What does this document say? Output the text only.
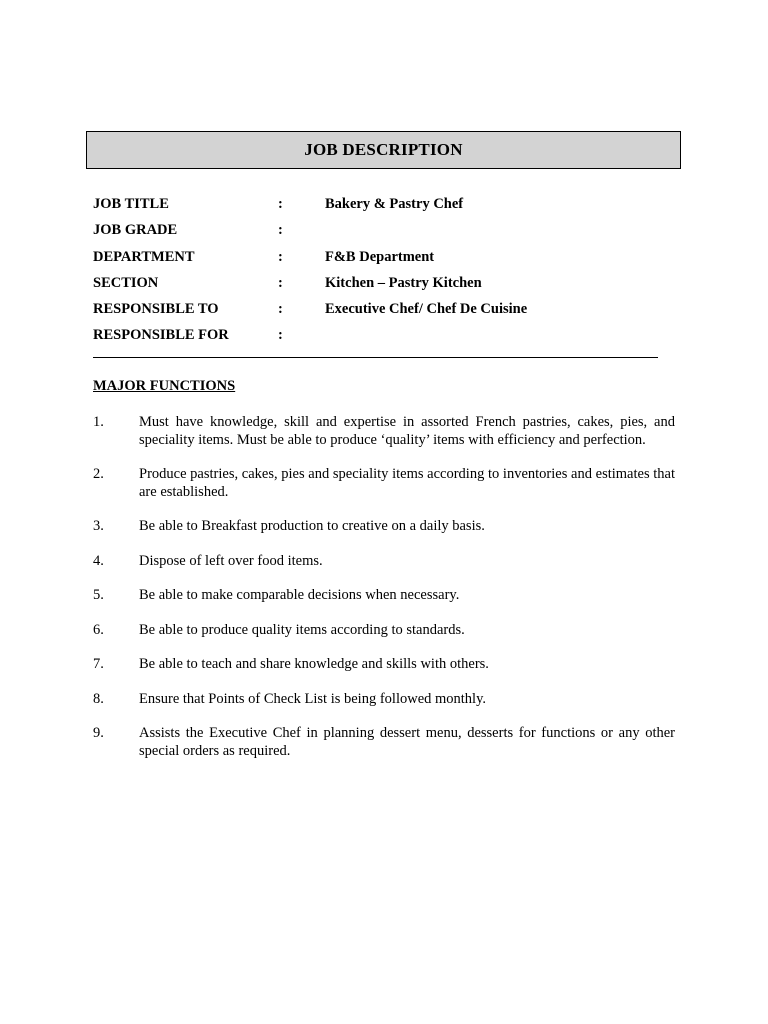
JOB DESCRIPTION
JOB TITLE	:	Bakery & Pastry Chef
JOB GRADE	:
DEPARTMENT	:	F&B Department
SECTION	:	Kitchen – Pastry Kitchen
RESPONSIBLE TO	:	Executive Chef/ Chef De Cuisine
RESPONSIBLE FOR	:
MAJOR FUNCTIONS
1. Must have knowledge, skill and expertise in assorted French pastries, cakes, pies, and speciality items. Must be able to produce ‘quality’ items with efficiency and perfection.
2. Produce pastries, cakes, pies and speciality items according to inventories and estimates that are established.
3. Be able to Breakfast production to creative on a daily basis.
4. Dispose of left over food items.
5. Be able to make comparable decisions when necessary.
6. Be able to produce quality items according to standards.
7. Be able to teach and share knowledge and skills with others.
8. Ensure that Points of Check List is being followed monthly.
9. Assists the Executive Chef in planning dessert menu, desserts for functions or any other special orders as required.
